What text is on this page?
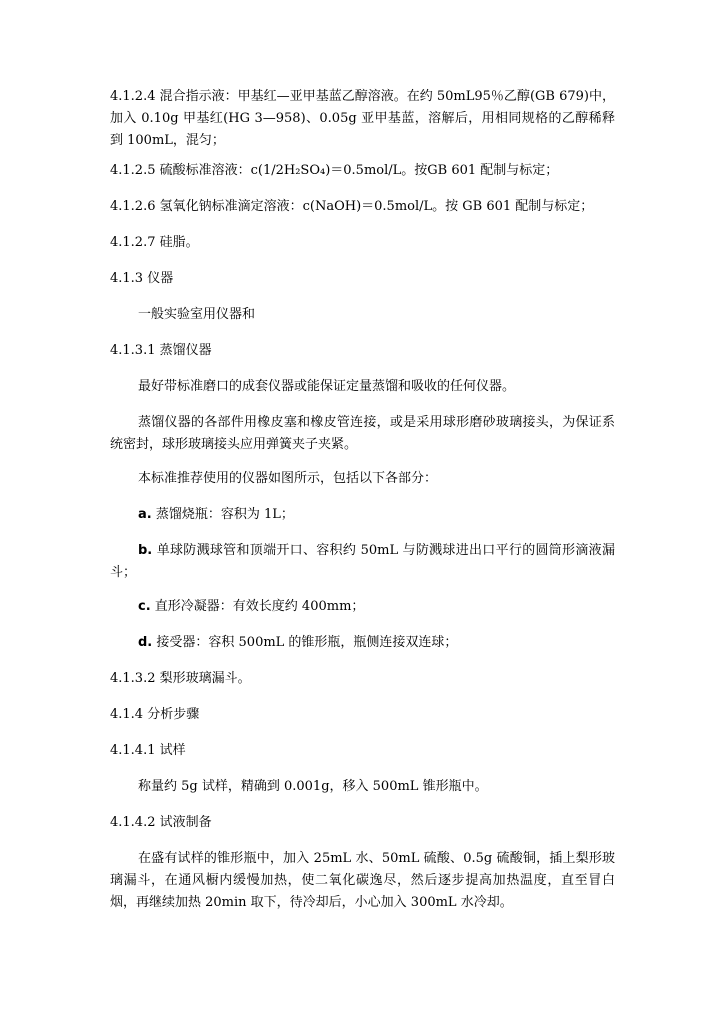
4.1.2.4 混合指示液：甲基红—亚甲基蓝乙醇溶液。在约 50mL95％乙醇(GB 679)中，加入 0.10g 甲基红(HG 3—958)、0.05g 亚甲基蓝，溶解后，用相同规格的乙醇稀释到 100mL，混匀；

4.1.2.5 硫酸标准溶液：c(1/2H₂SO₄)＝0.5mol/L。按GB 601 配制与标定；

4.1.2.6 氢氧化钠标准滴定溶液：c(NaOH)＝0.5mol/L。按 GB 601 配制与标定；

4.1.2.7 硅脂。

4.1.3 仪器

一般实验室用仪器和

4.1.3.1 蒸馏仪器

最好带标准磨口的成套仪器或能保证定量蒸馏和吸收的任何仪器。

蒸馏仪器的各部件用橡皮塞和橡皮管连接，或是采用球形磨砂玻璃接头，为保证系统密封，球形玻璃接头应用弹簧夹子夹紧。

本标准推荐使用的仪器如图所示，包括以下各部分：

a. 蒸馏烧瓶：容积为 1L；

b. 单球防溅球管和顶端开口、容积约 50mL 与防溅球进出口平行的圆筒形滴液漏斗；

c. 直形冷凝器：有效长度约 400mm；

d. 接受器：容积 500mL 的锥形瓶，瓶侧连接双连球；

4.1.3.2 梨形玻璃漏斗。

4.1.4 分析步骤

4.1.4.1 试样

称量约 5g 试样，精确到 0.001g，移入 500mL 锥形瓶中。

4.1.4.2 试液制备

在盛有试样的锥形瓶中，加入 25mL 水、50mL 硫酸、0.5g 硫酸铜，插上梨形玻璃漏斗，在通风橱内缓慢加热，使二氧化碳逸尽，然后逐步提高加热温度，直至冒白烟，再继续加热 20min 取下，待冷却后，小心加入 300mL 水冷却。
